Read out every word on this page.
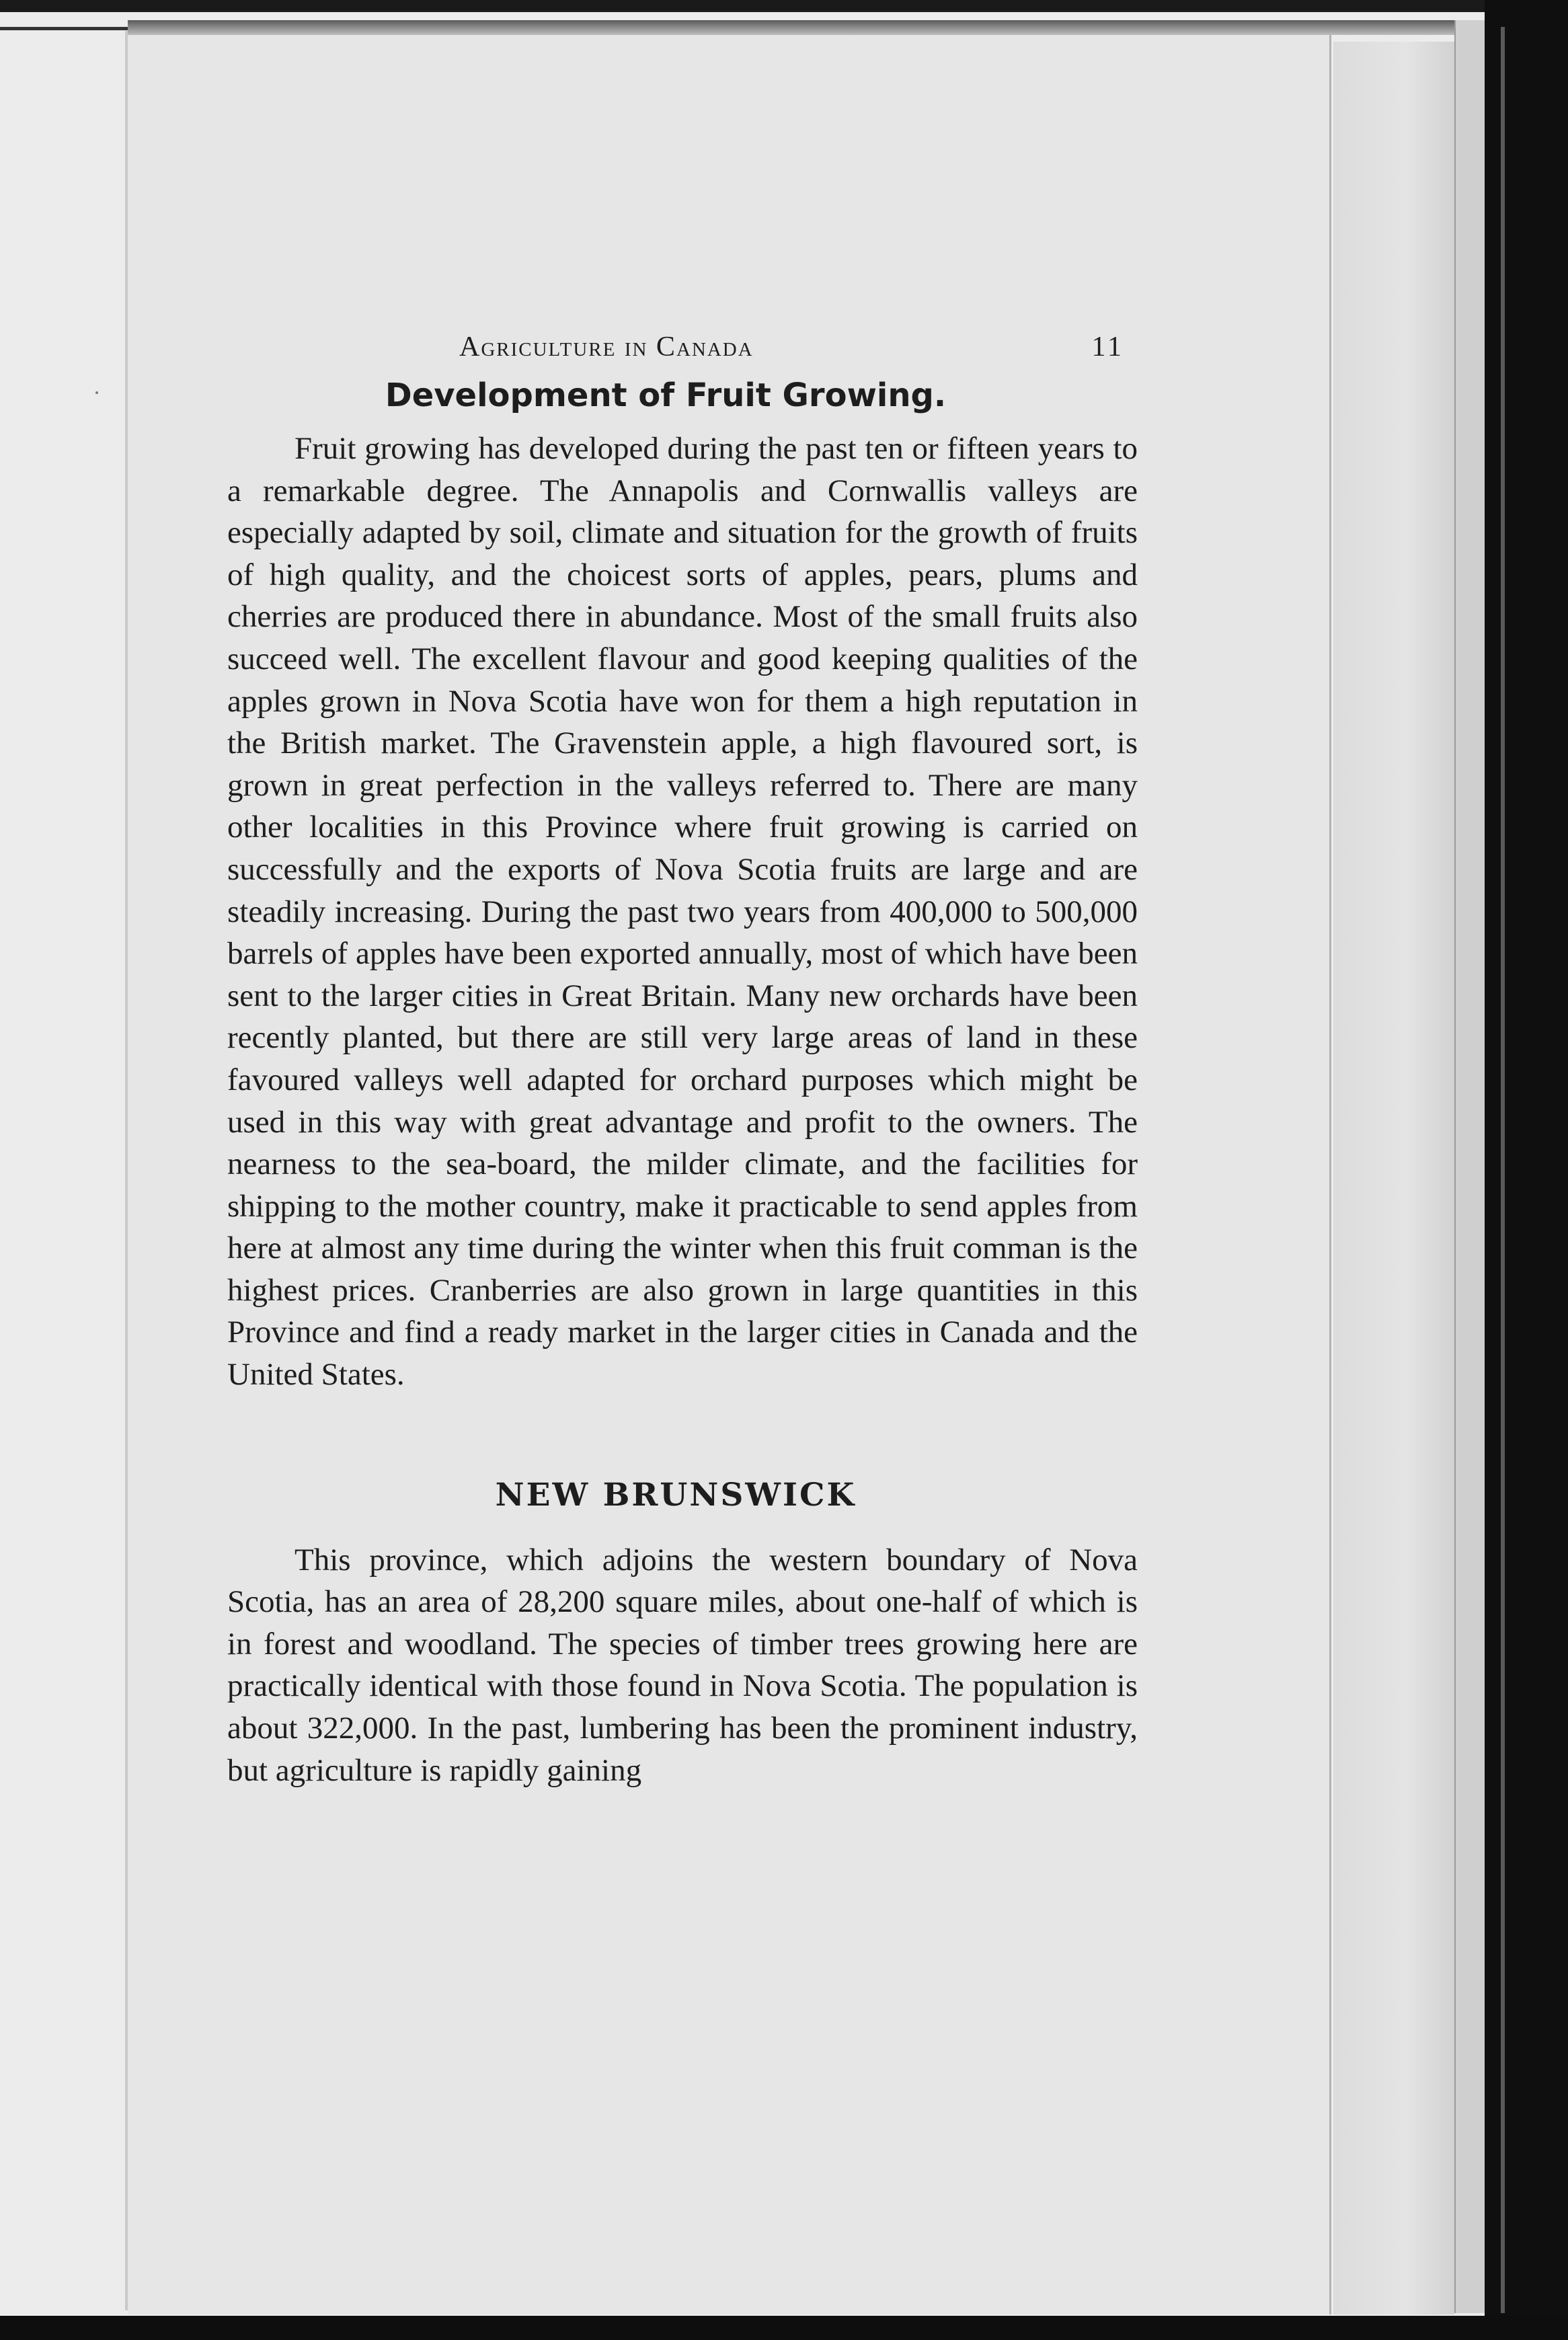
Agriculture in Canada	11
Development of Fruit Growing.

Fruit growing has developed during the past ten or fifteen years to a remarkable degree. The Annapolis and Cornwallis valleys are especially adapted by soil, climate and situation for the growth of fruits of high quality, and the choicest sorts of apples, pears, plums and cherries are produced there in abundance. Most of the small fruits also succeed well. The excellent flavour and good keeping qualities of the apples grown in Nova Scotia have won for them a high reputation in the British market. The Gravenstein apple, a high flavoured sort, is grown in great perfection in the valleys referred to. There are many other localities in this Province where fruit growing is carried on successfully and the exports of Nova Scotia fruits are large and are steadily increasing. During the past two years from 400,000 to 500,000 barrels of apples have been exported annually, most of which have been sent to the larger cities in Great Britain. Many new orchards have been recently planted, but there are still very large areas of land in these favoured valleys well adapted for orchard purposes which might be used in this way with great advantage and profit to the owners. The nearness to the sea-board, the milder climate, and the facilities for shipping to the mother country, make it practicable to send apples from here at almost any time during the winter when this fruit comman is the highest prices. Cranberries are also grown in large quantities in this Province and find a ready market in the larger cities in Canada and the United States.

NEW BRUNSWICK

This province, which adjoins the western boundary of Nova Scotia, has an area of 28,200 square miles, about one-half of which is in forest and woodland. The species of timber trees growing here are practically identical with those found in Nova Scotia. The population is about 322,000. In the past, lumbering has been the prominent industry, but agriculture is rapidly gaining
